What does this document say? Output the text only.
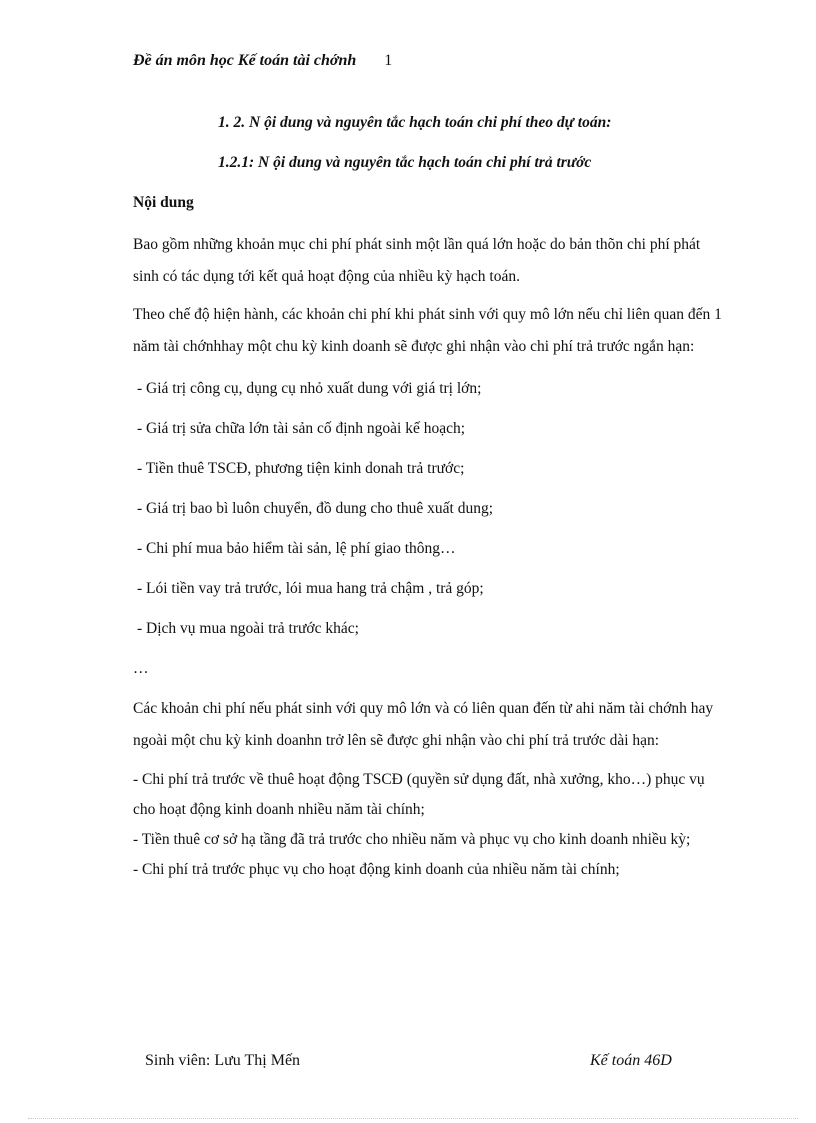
Đề án môn học Kế toán tài chớnh 1
1. 2. N ội dung và nguyên tắc hạch toán chi phí theo dự toán:
1.2.1: N ội dung và nguyên tắc hạch toán chi phí trả trước

Nội dung

Bao gồm những khoản mục chi phí phát sinh một lần quá lớn hoặc do bản thõn chi phí phát sinh có tác dụng tới kết quả hoạt động của nhiều kỳ hạch toán.

Theo chế độ hiện hành, các khoản chi phí khi phát sinh với quy mô lớn nếu chỉ liên quan đến 1 năm tài chớnhhay một chu kỳ kinh doanh sẽ được ghi nhận vào chi phí trả trước ngắn hạn:

- Giá trị công cụ, dụng cụ nhỏ xuất dung với giá trị lớn;

- Giá trị sửa chữa lớn tài sản cố định ngoài kế hoạch;

- Tiền thuê TSCĐ, phương tiện kinh donah trả trước;

- Giá trị bao bì luôn chuyển, đồ dung cho thuê xuất dung;

- Chi phí mua bảo hiểm tài sản, lệ phí giao thông…

- Lói tiền vay trả trước, lói mua hang trả chậm , trả góp;

- Dịch vụ mua ngoài trả trước khác;

…

Các khoản chi phí nếu phát sinh với quy mô lớn và có liên quan đến từ ahi năm tài chớnh hay ngoài một chu kỳ kinh doanhn trở lên sẽ được ghi nhận vào chi phí trả trước dài hạn:

- Chi phí trả trước về thuê hoạt động TSCĐ (quyền sử dụng đất, nhà xưởng, kho…) phục vụ cho hoạt động kinh doanh nhiều năm tài chính;

- Tiền thuê cơ sở hạ tầng đã trả trước cho nhiều năm và phục vụ cho kinh doanh nhiều kỳ;

- Chi phí trả trước phục vụ cho hoạt động kinh doanh của nhiều năm tài chính;

Sinh viên: Lưu Thị Mến	Kế toán 46D
